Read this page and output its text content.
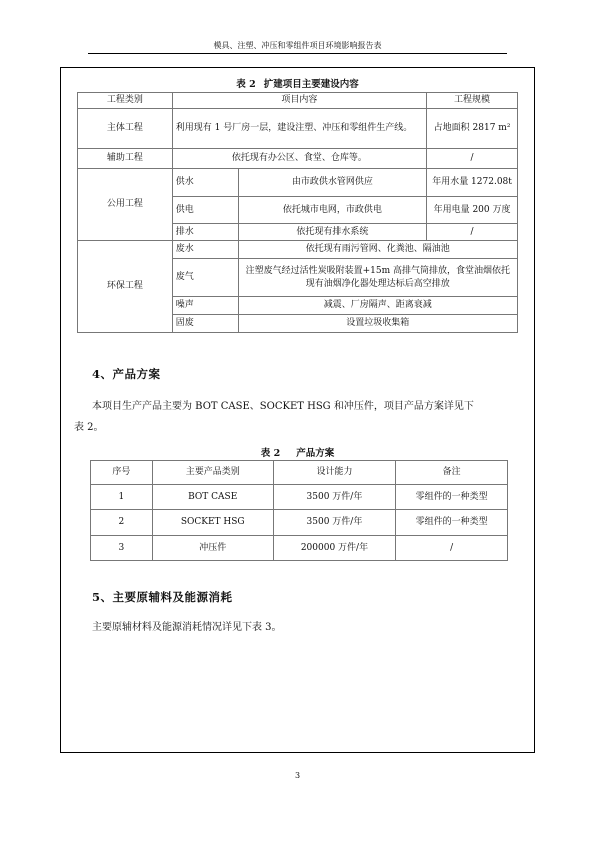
模具、注塑、冲压和零组件项目环境影响报告表
表 2 扩建项目主要建设内容
工程类别	项目内容		工程规模
主体工程	利用现有 1 号厂房一层，建设注塑、冲压和零组件生产线。		占地面积 2817 m²
辅助工程	依托现有办公区、食堂、仓库等。		/
公用工程	供水	由市政供水管网供应	年用水量 1272.08t
	供电	依托城市电网，市政供电	年用电量 200 万度
	排水	依托现有排水系统	/
环保工程	废水	依托现有雨污管网、化粪池、隔油池	
	废气	注塑废气经过活性炭吸附装置+15m 高排气筒排放，食堂油烟依托现有油烟净化器处理达标后高空排放	
	噪声	减震、厂房隔声、距离衰减	
	固废	设置垃圾收集箱	
4、产品方案
本项目生产产品主要为 BOT CASE、SOCKET HSG 和冲压件，项目产品方案详见下
表 2。
表 2 产品方案
序号	主要产品类别	设计能力	备注
1	BOT CASE	3500 万件/年	零组件的一种类型
2	SOCKET HSG	3500 万件/年	零组件的一种类型
3	冲压件	200000 万件/年	/
5、主要原辅料及能源消耗
主要原辅材料及能源消耗情况详见下表 3。
3
